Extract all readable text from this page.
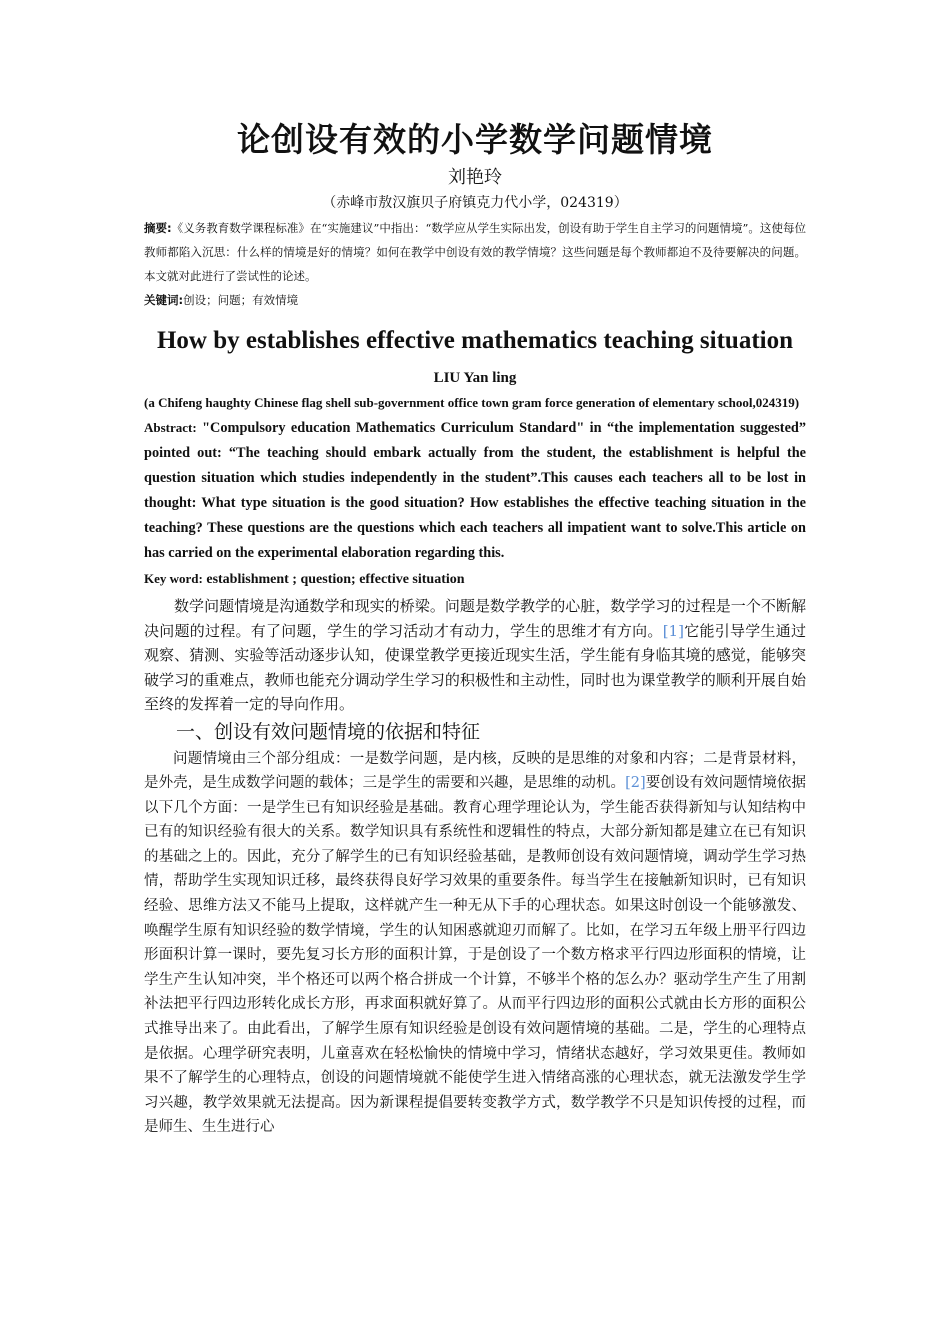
论创设有效的小学数学问题情境
刘艳玲
（赤峰市敖汉旗贝子府镇克力代小学，024319）
摘要:《义务教育数学课程标准》在“实施建议”中指出：“数学应从学生实际出发，创设有助于学生自主学习的问题情境”。这使每位教师都陷入沉思：什么样的情境是好的情境？如何在教学中创设有效的教学情境？这些问题是每个教师都迫不及待要解决的问题。本文就对此进行了尝试性的论述。
关键词:创设；问题；有效情境
How by establishes effective mathematics teaching situation
LIU Yan ling
(a Chifeng haughty Chinese flag shell sub-government office town gram force generation of elementary school,024319)
Abstract: "Compulsory education Mathematics Curriculum Standard" in “the implementation suggested” pointed out: “The teaching should embark actually from the student, the establishment is helpful the question situation which studies independently in the student”.This causes each teachers all to be lost in thought: What type situation is the good situation? How establishes the effective teaching situation in the teaching? These questions are the questions which each teachers all impatient want to solve.This article on has carried on the experimental elaboration regarding this.
Key word: establishment ; question; effective situation

数学问题情境是沟通数学和现实的桥梁。问题是数学教学的心脏，数学学习的过程是一个不断解决问题的过程。有了问题，学生的学习活动才有动力，学生的思维才有方向。[1]它能引导学生通过观察、猜测、实验等活动逐步认知，使课堂教学更接近现实生活，学生能有身临其境的感觉，能够突破学习的重难点，教师也能充分调动学生学习的积极性和主动性，同时也为课堂教学的顺利开展自始至终的发挥着一定的导向作用。

一、创设有效问题情境的依据和特征

问题情境由三个部分组成：一是数学问题，是内核，反映的是思维的对象和内容；二是背景材料，是外壳，是生成数学问题的载体；三是学生的需要和兴趣，是思维的动机。[2]要创设有效问题情境依据以下几个方面：一是学生已有知识经验是基础。教育心理学理论认为，学生能否获得新知与认知结构中已有的知识经验有很大的关系。数学知识具有系统性和逻辑性的特点，大部分新知都是建立在已有知识的基础之上的。因此，充分了解学生的已有知识经验基础，是教师创设有效问题情境，调动学生学习热情，帮助学生实现知识迁移，最终获得良好学习效果的重要条件。每当学生在接触新知识时，已有知识经验、思维方法又不能马上提取，这样就产生一种无从下手的心理状态。如果这时创设一个能够激发、唤醒学生原有知识经验的数学情境，学生的认知困惑就迎刃而解了。比如，在学习五年级上册平行四边形面积计算一课时，要先复习长方形的面积计算，于是创设了一个数方格求平行四边形面积的情境，让学生产生认知冲突，半个格还可以两个格合拼成一个计算，不够半个格的怎么办？驱动学生产生了用割补法把平行四边形转化成长方形，再求面积就好算了。从而平行四边形的面积公式就由长方形的面积公式推导出来了。由此看出，了解学生原有知识经验是创设有效问题情境的基础。二是，学生的心理特点是依据。心理学研究表明，儿童喜欢在轻松愉快的情境中学习，情绪状态越好，学习效果更佳。教师如果不了解学生的心理特点，创设的问题情境就不能使学生进入情绪高涨的心理状态，就无法激发学生学习兴趣，教学效果就无法提高。因为新课程提倡要转变教学方式，数学教学不只是知识传授的过程，而是师生、生生进行心
